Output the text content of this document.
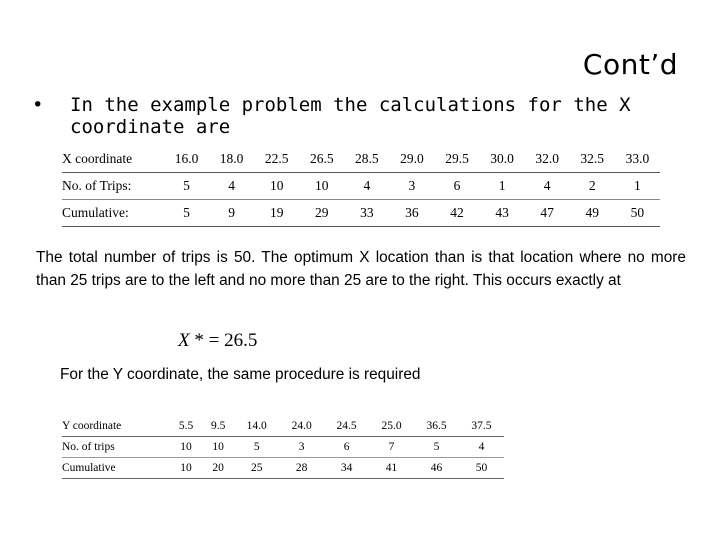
Cont’d
• In the example problem the calculations for the X coordinate are
X coordinate	16.0	18.0	22.5	26.5	28.5	29.0	29.5	30.0	32.0	32.5	33.0
No. of Trips:	5	4	10	10	4	3	6	1	4	2	1
Cumulative:	5	9	19	29	33	36	42	43	47	49	50
The total number of trips is 50. The optimum X location than is that location where no more than 25 trips are to the left and no more than 25 are to the right. This occurs exactly at
X * = 26.5
For the Y coordinate, the same procedure is required
Y coordinate	5.5	9.5	14.0	24.0	24.5	25.0	36.5	37.5
No. of trips	10	10	5	3	6	7	5	4
Cumulative	10	20	25	28	34	41	46	50
